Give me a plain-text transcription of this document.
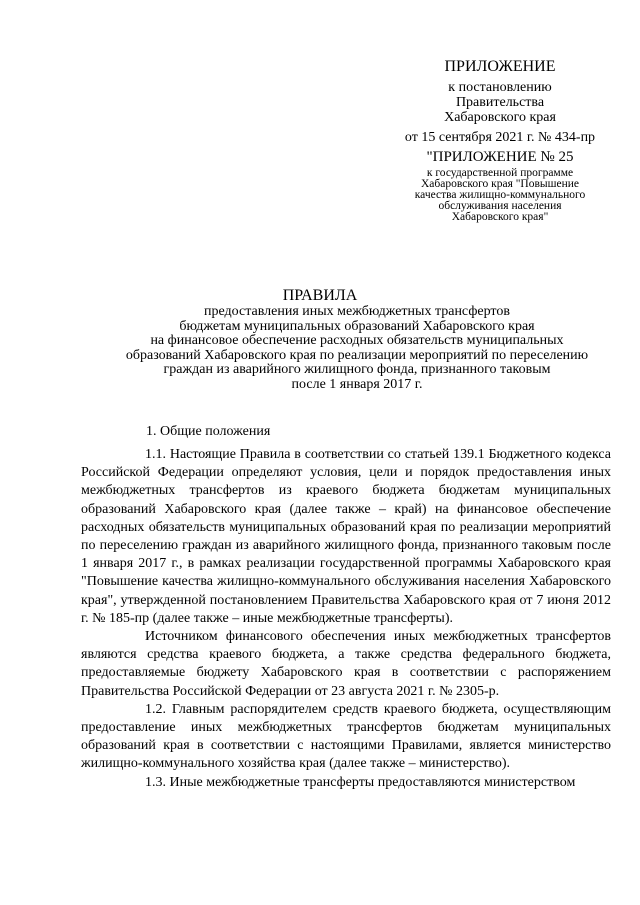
ПРИЛОЖЕНИЕ
к постановлению
Правительства
Хабаровского края
от 15 сентября 2021 г. № 434-пр
"ПРИЛОЖЕНИЕ № 25
к государственной программе
Хабаровского края "Повышение
качества жилищно-коммунального
обслуживания населения
Хабаровского края"
ПРАВИЛА
предоставления иных межбюджетных трансфертов
бюджетам муниципальных образований Хабаровского края
на финансовое обеспечение расходных обязательств муниципальных
образований Хабаровского края по реализации мероприятий по переселению
граждан из аварийного жилищного фонда, признанного таковым
после 1 января 2017 г.
1. Общие положения

1.1. Настоящие Правила в соответствии со статьей 139.1 Бюджетного кодекса Российской Федерации определяют условия, цели и порядок предоставления иных межбюджетных трансфертов из краевого бюджета бюджетам муниципальных образований Хабаровского края (далее также – край) на финансовое обеспечение расходных обязательств муниципальных образований края по реализации мероприятий по переселению граждан из аварийного жилищного фонда, признанного таковым после 1 января 2017 г., в рамках реализации государственной программы Хабаровского края "Повышение качества жилищно-коммунального обслуживания населения Хабаровского края", утвержденной постановлением Правительства Хабаровского края от 7 июня 2012 г. № 185-пр (далее также – иные межбюджетные трансферты).

Источником финансового обеспечения иных межбюджетных трансфертов являются средства краевого бюджета, а также средства федерального бюджета, предоставляемые бюджету Хабаровского края в соответствии с распоряжением Правительства Российской Федерации от 23 августа 2021 г. № 2305-р.

1.2. Главным распорядителем средств краевого бюджета, осуществляющим предоставление иных межбюджетных трансфертов бюджетам муниципальных образований края в соответствии с настоящими Правилами, является министерство жилищно-коммунального хозяйства края (далее также – министерство).

1.3. Иные межбюджетные трансферты предоставляются министерством
